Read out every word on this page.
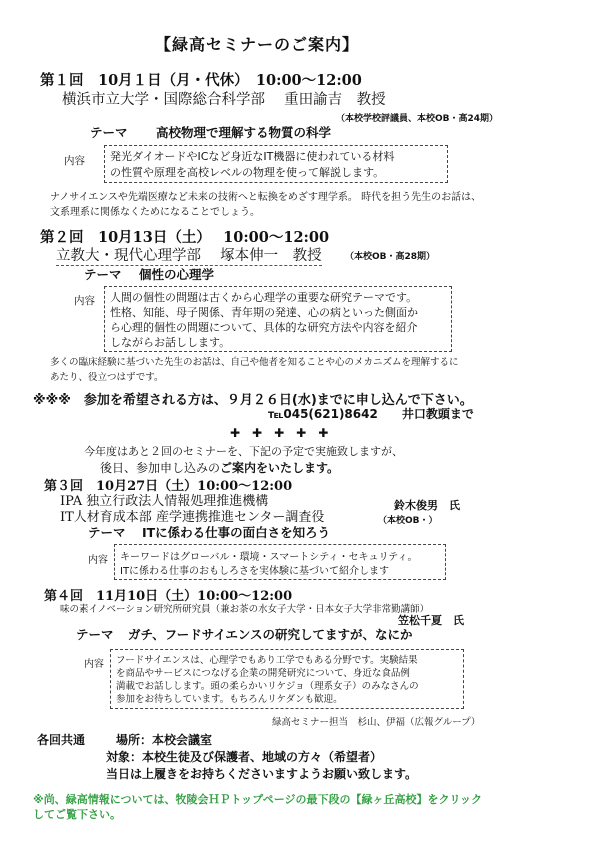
【緑高セミナーのご案内】
第１回　10月１日（月・代休）　10:00～12:00
横浜市立大学・国際総合科学部　 重田諭吉　教授
（本校学校評議員、本校OB・高24期）
テーマ 高校物理で理解する物質の科学
内容 発光ダイオードやICなど身近なIT機器に使われている材料
の性質や原理を高校レベルの物理を使って解説します。
ナノサイエンスや先端医療など未来の技術へと転換をめざす理学系。 時代を担う先生のお話は、
文系理系に関係なくためになることでしょう。
第２回　10月13日（土）　 10:00～12:00
立教大・現代心理学部　 塚本伸一　教授	（本校OB・高28期）
テーマ 個性の心理学
内容 人間の個性の問題は古くから心理学の重要な研究テーマです。
性格、知能、母子関係、青年期の発達、心の病といった側面か
ら心理的個性の問題について、具体的な研究方法や内容を紹介
しながらお話しします。
多くの臨床経験に基づいた先生のお話は、自己や他者を知ることや心のメカニズムを理解するに
あたり、役立つはずです。
※※※　参加を希望される方は、９月２６日(水)までに申し込んで下さい。
℡045(621)8642　　井口教頭まで
✚　✚　✚　✚　✚
今年度はあと２回のセミナーを、下記の予定で実施致しますが、
後日、参加申し込みのご案内をいたします。
第３回　10月27日（土）10:00～12:00
IPA 独立行政法人情報処理推進機構
IT人材育成本部 産学連携推進センター調査役
鈴木俊男　氏
（本校OB・）
テーマ ITに係わる仕事の面白さを知ろう
内容 キーワードはグローバル・環境・スマートシティ・セキュリティ。
ITに係わる仕事のおもしろさを実体験に基づいて紹介します
第４回　11月10日（土）10:00～12:00
味の素イノベーション研究所研究員（兼お茶の水女子大学・日本女子大学非常勤講師）
笠松千夏　氏
テーマ ガチ、フードサイエンスの研究してますが、なにか
内容 フードサイエンスは、心理学でもあり工学でもある分野です。実験結果
を商品やサービスにつなげる企業の開発研究について、身近な食品例
満載でお話しします。頭の柔らかいリケジョ（理系女子）のみなさんの
参加をお待ちしています。もちろんリケダンも歓迎。
緑高セミナー担当　杉山、伊福（広報グループ）
各回共通	場所：本校会議室
対象：本校生徒及び保護者、地域の方々（希望者）
当日は上履きをお持ちくださいますようお願い致します。
※尚、緑高情報については、牧陵会ＨＰトップページの最下段の【緑ヶ丘高校】をクリック
してご覧下さい。
